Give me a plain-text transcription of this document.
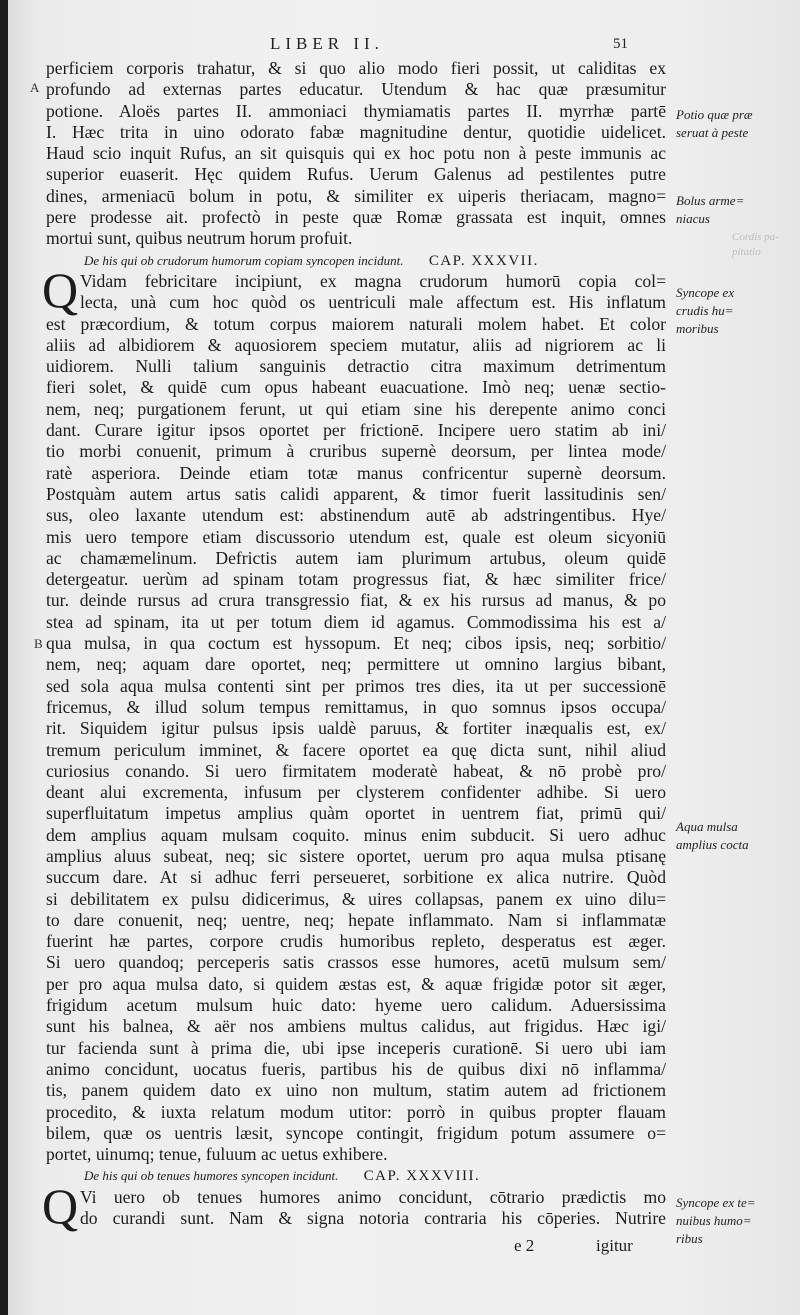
LIBER II.	51
A
B
Cordis pa-
pitatio
perficiem corporis trahatur, & si quo alio modo fieri possit, ut caliditas ex
profundo ad externas partes educatur. Utendum & hac quæ præsumitur
potione. Aloës partes II. ammoniaci thymiamatis partes II. myrrhæ partē
I. Hæc trita in uino odorato fabæ magnitudine dentur, quotidie uidelicet.
Haud scio inquit Rufus, an sit quisquis qui ex hoc potu non à peste immunis ac
superior euaserit. Hęc quidem Rufus. Uerum Galenus ad pestilentes putre
dines, armeniacū bolum in potu, & similiter ex uiperis theriacam, magno=
pere prodesse ait. profectò in peste quæ Romæ grassata est inquit, omnes
mortui sunt, quibus neutrum horum profuit.
De his qui ob crudorum humorum copiam syncopen incidunt. CAP. XXXVII.
Q Vidam febricitare incipiunt, ex magna crudorum humorū copia col=
lecta, unà cum hoc quòd os uentriculi male affectum est. His inflatum
est præcordium, & totum corpus maiorem naturali molem habet. Et color
aliis ad albidiorem & aquosiorem speciem mutatur, aliis ad nigriorem ac li
uidiorem. Nulli talium sanguinis detractio citra maximum detrimentum
fieri solet, & quidē cum opus habeant euacuatione. Imò neq; uenæ sectio-
nem, neq; purgationem ferunt, ut qui etiam sine his derepente animo conci
dant. Curare igitur ipsos oportet per frictionē. Incipere uero statim ab ini/
tio morbi conuenit, primum à cruribus supernè deorsum, per lintea mode/
ratè asperiora. Deinde etiam totæ manus confricentur supernè deorsum.
Postquàm autem artus satis calidi apparent, & timor fuerit lassitudinis sen/
sus, oleo laxante utendum est: abstinendum autē ab adstringentibus. Hye/
mis uero tempore etiam discussorio utendum est, quale est oleum sicyoniū
ac chamæmelinum. Defrictis autem iam plurimum artubus, oleum quidē
detergeatur. uerùm ad spinam totam progressus fiat, & hæc similiter frice/
tur. deinde rursus ad crura transgressio fiat, & ex his rursus ad manus, & po
stea ad spinam, ita ut per totum diem id agamus. Commodissima his est a/
qua mulsa, in qua coctum est hyssopum. Et neq; cibos ipsis, neq; sorbitio/
nem, neq; aquam dare oportet, neq; permittere ut omnino largius bibant,
sed sola aqua mulsa contenti sint per primos tres dies, ita ut per successionē
fricemus, & illud solum tempus remittamus, in quo somnus ipsos occupa/
rit. Siquidem igitur pulsus ipsis ualdè paruus, & fortiter inæqualis est, ex/
tremum periculum imminet, & facere oportet ea quę dicta sunt, nihil aliud
curiosius conando. Si uero firmitatem moderatè habeat, & nō probè pro/
deant alui excrementa, infusum per clysterem confidenter adhibe. Si uero
superfluitatum impetus amplius quàm oportet in uentrem fiat, primū qui/
dem amplius aquam mulsam coquito. minus enim subducit. Si uero adhuc
amplius aluus subeat, neq; sic sistere oportet, uerum pro aqua mulsa ptisanę
succum dare. At si adhuc ferri perseueret, sorbitione ex alica nutrire. Quòd
si debilitatem ex pulsu didicerimus, & uires collapsas, panem ex uino dilu=
to dare conuenit, neq; uentre, neq; hepate inflammato. Nam si inflammatæ
fuerint hæ partes, corpore crudis humoribus repleto, desperatus est æger.
Si uero quandoq; perceperis satis crassos esse humores, acetū mulsum sem/
per pro aqua mulsa dato, si quidem æstas est, & aquæ frigidæ potor sit æger,
frigidum acetum mulsum huic dato: hyeme uero calidum. Aduersissima
sunt his balnea, & aër nos ambiens multus calidus, aut frigidus. Hæc igi/
tur facienda sunt à prima die, ubi ipse inceperis curationē. Si uero ubi iam
animo concidunt, uocatus fueris, partibus his de quibus dixi nō inflamma/
tis, panem quidem dato ex uino non multum, statim autem ad frictionem
procedito, & iuxta relatum modum utitor: porrò in quibus propter flauam
bilem, quæ os uentris læsit, syncope contingit, frigidum potum assumere o=
portet, uinumq; tenue, fuluum ac uetus exhibere.
De his qui ob tenues humores syncopen incidunt. CAP. XXXVIII.
Q Vi uero ob tenues humores animo concidunt, cōtrario prædictis mo
do curandi sunt. Nam & signa notoria contraria his cōperies. Nutrire
e 2	igitur
Potio quæ præ
seruat à peste
Bolus arme=
niacus
Syncope ex
crudis hu=
moribus
Aqua mulsa
amplius cocta
Syncope ex te=
nuibus humo=
ribus
